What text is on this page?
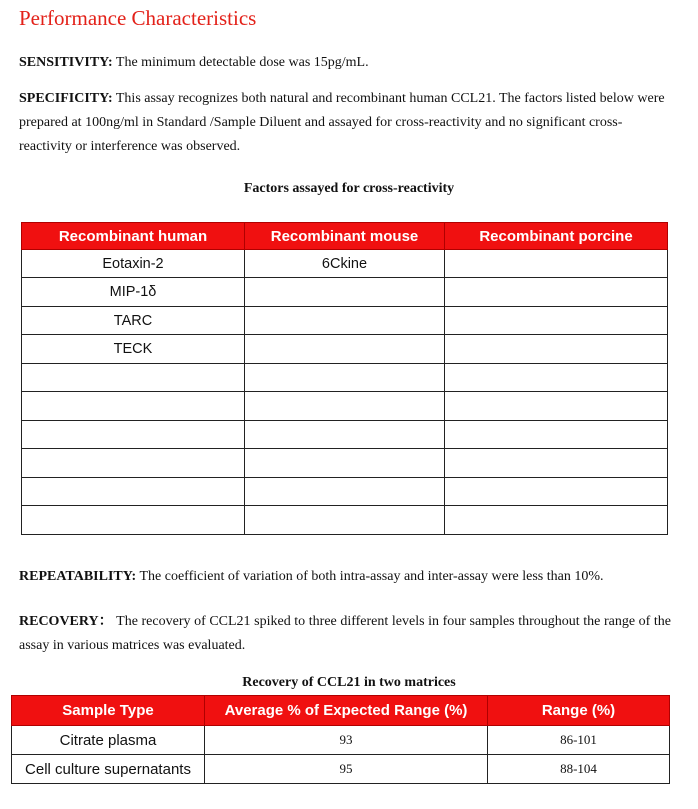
Performance Characteristics
SENSITIVITY: The minimum detectable dose was 15pg/mL.
SPECIFICITY: This assay recognizes both natural and recombinant human CCL21. The factors listed below were prepared at 100ng/ml in Standard /Sample Diluent and assayed for cross-reactivity and no significant cross-reactivity or interference was observed.
Factors assayed for cross-reactivity
Recombinant human	Recombinant mouse	Recombinant porcine
Eotaxin-2	6Ckine	
MIP-1δ		
TARC		
TECK		

REPEATABILITY: The coefficient of variation of both intra-assay and inter-assay were less than 10%.
RECOVERY： The recovery of CCL21 spiked to three different levels in four samples throughout the range of the assay in various matrices was evaluated.
Recovery of CCL21 in two matrices
Sample Type	Average % of Expected Range (%)	Range (%)
Citrate plasma	93	86-101
Cell culture supernatants	95	88-104
